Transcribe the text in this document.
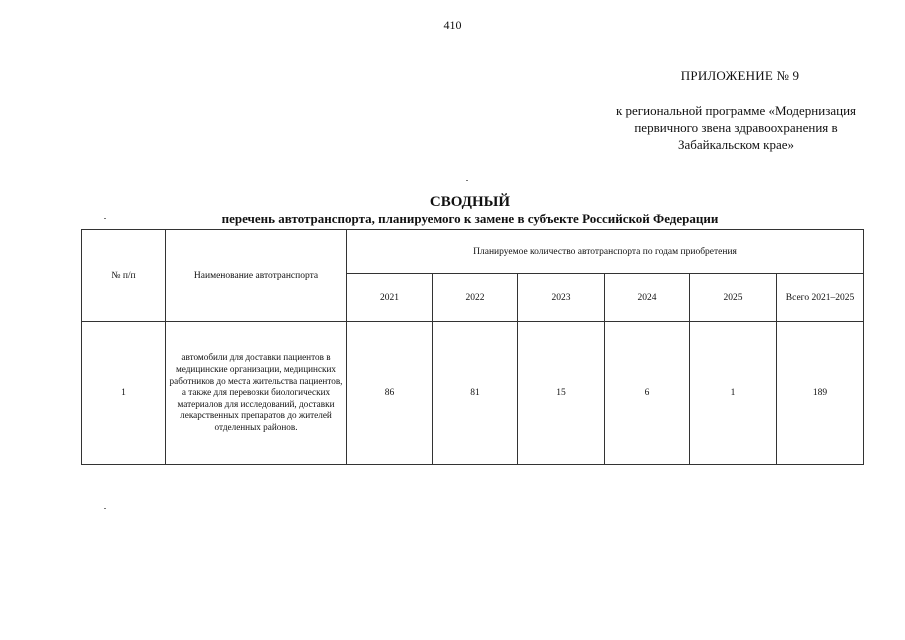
410
ПРИЛОЖЕНИЕ № 9
к региональной программе «Модернизация первичного звена здравоохранения в Забайкальском крае»
СВОДНЫЙ
перечень автотранспорта, планируемого к замене в субъекте Российской Федерации
№ п/п	Наименование автотранспорта	Планируемое количество автотранспорта по годам приобретения					
		2021	2022	2023	2024	2025	Всего 2021–2025
1	автомобили для доставки пациентов в медицинские организации, медицинских работников до места жительства пациентов, а также для перевозки биологических материалов для исследований, доставки лекарственных препаратов до жителей отделенных районов.	86	81	15	6	1	189
